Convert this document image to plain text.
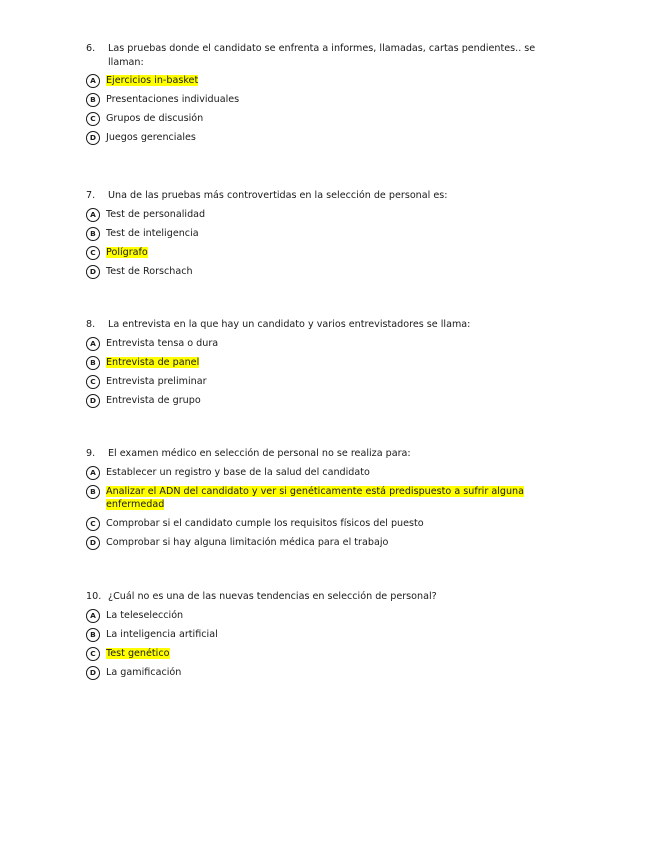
6.	Las pruebas donde el candidato se enfrenta a informes, llamadas, cartas pendientes.. se llaman:
A	Ejercicios in-basket
B	Presentaciones individuales
C	Grupos de discusión
D	Juegos gerenciales
7.	Una de las pruebas más controvertidas en la selección de personal es:
A	Test de personalidad
B	Test de inteligencia
C	Polígrafo
D	Test de Rorschach
8.	La entrevista en la que hay un candidato y varios entrevistadores se llama:
A	Entrevista tensa o dura
B	Entrevista de panel
C	Entrevista preliminar
D	Entrevista de grupo
9.	El examen médico en selección de personal no se realiza para:
A	Establecer un registro y base de la salud del candidato
B	Analizar el ADN del candidato y ver si genéticamente está predispuesto a sufrir alguna enfermedad
C	Comprobar si el candidato cumple los requisitos físicos del puesto
D	Comprobar si hay alguna limitación médica para el trabajo
10. ¿Cuál no es una de las nuevas tendencias en selección de personal?
A	La teleselección
B	La inteligencia artificial
C	Test genético
D	La gamificación
